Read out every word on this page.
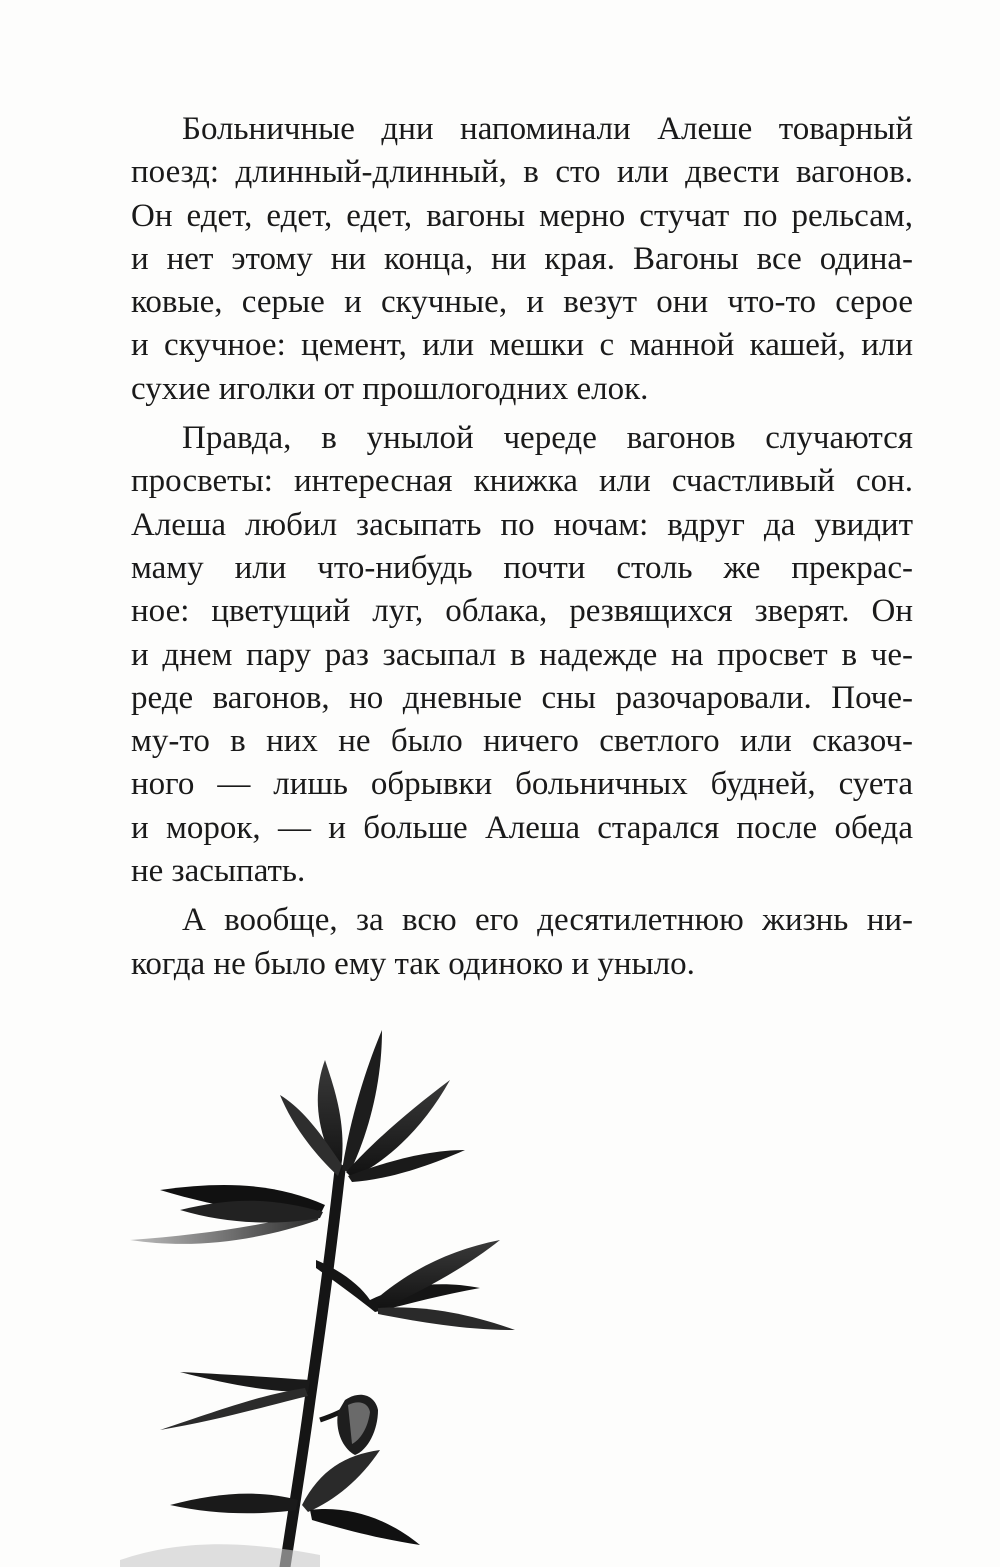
Больничные дни напоминали Алеше товарный
поезд: длинный-длинный, в сто или двести вагонов.
Он едет, едет, едет, вагоны мерно стучат по рельсам,
и нет этому ни конца, ни края. Вагоны все одина-
ковые, серые и скучные, и везут они что-то серое
и скучное: цемент, или мешки с манной кашей, или
сухие иголки от прошлогодних елок.
Правда, в унылой череде вагонов случаются
просветы: интересная книжка или счастливый сон.
Алеша любил засыпать по ночам: вдруг да увидит
маму или что-нибудь почти столь же прекрас-
ное: цветущий луг, облака, резвящихся зверят. Он
и днем пару раз засыпал в надежде на просвет в че-
реде вагонов, но дневные сны разочаровали. Поче-
му-то в них не было ничего светлого или сказоч-
ного — лишь обрывки больничных будней, суета
и морок, — и больше Алеша старался после обеда
не засыпать.
А вообще, за всю его десятилетнюю жизнь ни-
когда не было ему так одиноко и уныло.
